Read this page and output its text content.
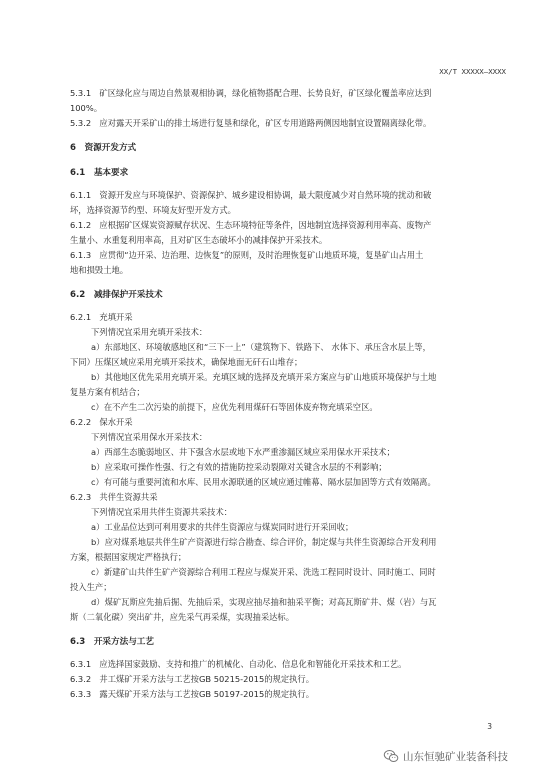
XX/T XXXXX—XXXX
5.3.1　矿区绿化应与周边自然景观相协调，绿化植物搭配合理、长势良好，矿区绿化覆盖率应达到
100%。
5.3.2　应对露天开采矿山的排土场进行复垦和绿化，矿区专用道路两侧因地制宜设置隔离绿化带。
6　资源开发方式
6.1　基本要求
6.1.1　资源开发应与环境保护、资源保护、城乡建设相协调，最大限度减少对自然环境的扰动和破
坏，选择资源节约型、环境友好型开发方式。
6.1.2　应根据矿区煤炭资源赋存状况、生态环境特征等条件，因地制宜选择资源利用率高、废物产
生量小、水重复利用率高，且对矿区生态破坏小的减排保护开采技术。
6.1.3　应贯彻“边开采、边治理、边恢复”的原则，及时治理恢复矿山地质环境，复垦矿山占用土
地和损毁土地。
6.2　减排保护开采技术
6.2.1　充填开采
下列情况宜采用充填开采技术：
a）东部地区、环境敏感地区和“三下一上”（建筑物下、铁路下、 水体下、承压含水层上等，
下同）压煤区域应采用充填开采技术，确保地面无矸石山堆存；
b）其他地区优先采用充填开采。充填区域的选择及充填开采方案应与矿山地质环境保护与土地
复垦方案有机结合；
c）在不产生二次污染的前提下，应优先利用煤矸石等固体废弃物充填采空区。
6.2.2　保水开采
下列情况宜采用保水开采技术：
a）西部生态脆弱地区、井下强含水层或地下水严重渗漏区域应采用保水开采技术；
b）应采取可操作性强、行之有效的措施防控采动裂隙对关键含水层的不利影响；
c）有可能与重要河流和水库、民用水源联通的区域应通过帷幕、隔水层加固等方式有效隔离。
6.2.3　共伴生资源共采
下列情况宜采用共伴生资源共采技术：
a）工业品位达到可利用要求的共伴生资源应与煤炭同时进行开采回收；
b）应对煤系地层共伴生矿产资源进行综合勘查、综合评价，制定煤与共伴生资源综合开发利用
方案，根据国家规定严格执行；
c）新建矿山共伴生矿产资源综合利用工程应与煤炭开采、洗选工程同时设计、同时施工、同时
投入生产；
d）煤矿瓦斯应先抽后掘、先抽后采，实现应抽尽抽和抽采平衡；对高瓦斯矿井、煤（岩）与瓦
斯（二氧化碳）突出矿井，应先采气再采煤，实现抽采达标。
6.3　开采方法与工艺
6.3.1　应选择国家鼓励、支持和推广的机械化、自动化、信息化和智能化开采技术和工艺。
6.3.2　井工煤矿开采方法与工艺按GB 50215-2015的规定执行。
6.3.3　露天煤矿开采方法与工艺按GB 50197-2015的规定执行。
3
山东恒驰矿业装备科技
